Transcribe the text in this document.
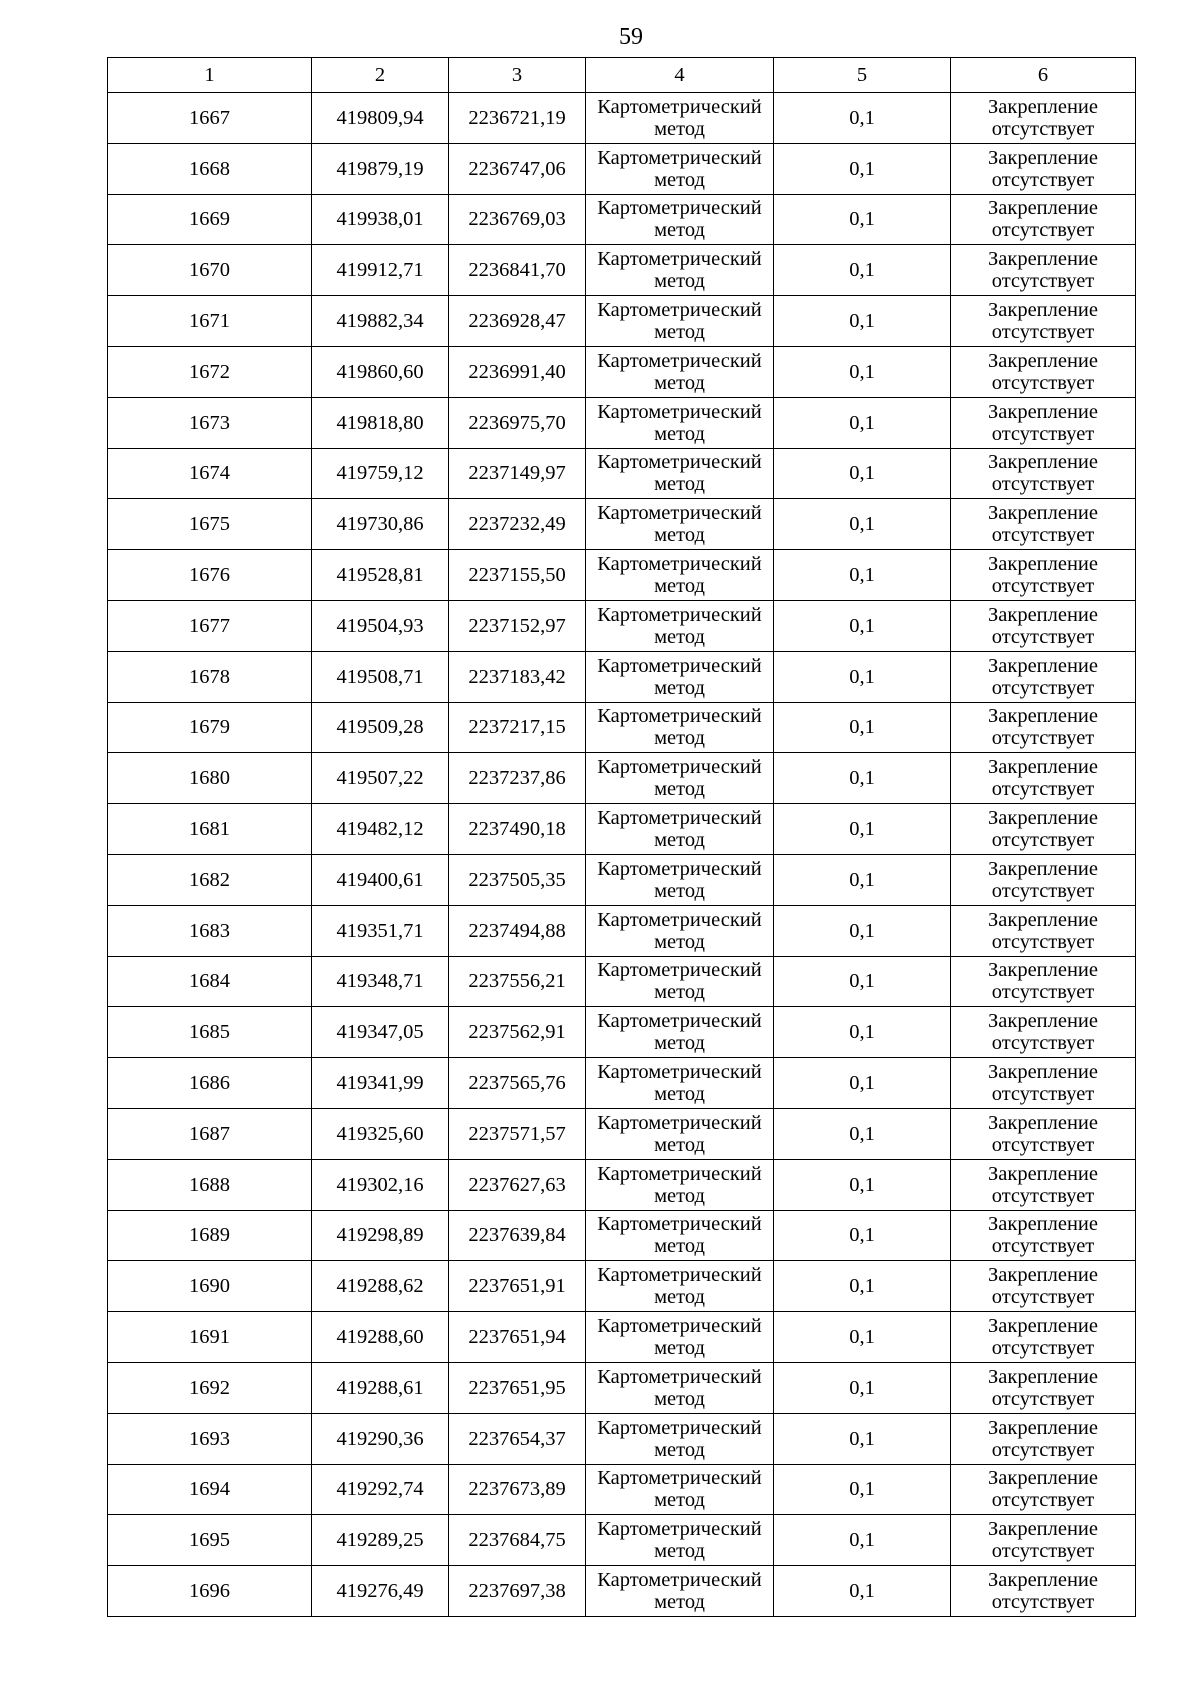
59
1	2	3	4	5	6
1667	419809,94	2236721,19	Картометрический метод	0,1	Закрепление отсутствует
1668	419879,19	2236747,06	Картометрический метод	0,1	Закрепление отсутствует
1669	419938,01	2236769,03	Картометрический метод	0,1	Закрепление отсутствует
1670	419912,71	2236841,70	Картометрический метод	0,1	Закрепление отсутствует
1671	419882,34	2236928,47	Картометрический метод	0,1	Закрепление отсутствует
1672	419860,60	2236991,40	Картометрический метод	0,1	Закрепление отсутствует
1673	419818,80	2236975,70	Картометрический метод	0,1	Закрепление отсутствует
1674	419759,12	2237149,97	Картометрический метод	0,1	Закрепление отсутствует
1675	419730,86	2237232,49	Картометрический метод	0,1	Закрепление отсутствует
1676	419528,81	2237155,50	Картометрический метод	0,1	Закрепление отсутствует
1677	419504,93	2237152,97	Картометрический метод	0,1	Закрепление отсутствует
1678	419508,71	2237183,42	Картометрический метод	0,1	Закрепление отсутствует
1679	419509,28	2237217,15	Картометрический метод	0,1	Закрепление отсутствует
1680	419507,22	2237237,86	Картометрический метод	0,1	Закрепление отсутствует
1681	419482,12	2237490,18	Картометрический метод	0,1	Закрепление отсутствует
1682	419400,61	2237505,35	Картометрический метод	0,1	Закрепление отсутствует
1683	419351,71	2237494,88	Картометрический метод	0,1	Закрепление отсутствует
1684	419348,71	2237556,21	Картометрический метод	0,1	Закрепление отсутствует
1685	419347,05	2237562,91	Картометрический метод	0,1	Закрепление отсутствует
1686	419341,99	2237565,76	Картометрический метод	0,1	Закрепление отсутствует
1687	419325,60	2237571,57	Картометрический метод	0,1	Закрепление отсутствует
1688	419302,16	2237627,63	Картометрический метод	0,1	Закрепление отсутствует
1689	419298,89	2237639,84	Картометрический метод	0,1	Закрепление отсутствует
1690	419288,62	2237651,91	Картометрический метод	0,1	Закрепление отсутствует
1691	419288,60	2237651,94	Картометрический метод	0,1	Закрепление отсутствует
1692	419288,61	2237651,95	Картометрический метод	0,1	Закрепление отсутствует
1693	419290,36	2237654,37	Картометрический метод	0,1	Закрепление отсутствует
1694	419292,74	2237673,89	Картометрический метод	0,1	Закрепление отсутствует
1695	419289,25	2237684,75	Картометрический метод	0,1	Закрепление отсутствует
1696	419276,49	2237697,38	Картометрический метод	0,1	Закрепление отсутствует
